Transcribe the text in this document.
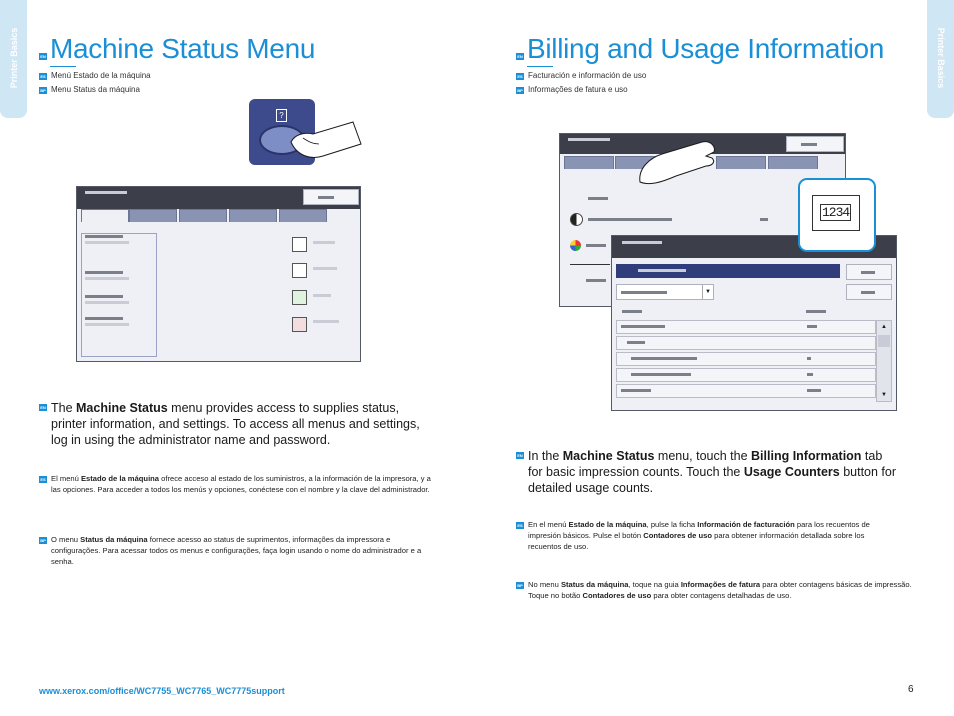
Printer Basics	Printer Basics
EN Machine Status Menu
ES Menú Estado de la máquina
BP Menu Status da máquina
?
EN The Machine Status menu provides access to supplies status, printer information, and settings. To access all menus and settings, log in using the administrator name and password.
ES El menú Estado de la máquina ofrece acceso al estado de los suministros, a la información de la impresora, y a las opciones. Para acceder a todos los menús y opciones, conéctese con el nombre y la clave del administrador.
BP O menu Status da máquina fornece acesso ao status de suprimentos, informações da impressora e configurações. Para acessar todos os menus e configurações, faça login usando o nome do administrador e a senha.
EN Billing and Usage Information
ES Facturación e información de uso
BP Informações de fatura e uso
▼
▲
▼
1234
EN In the Machine Status menu, touch the Billing Information tab for basic impression counts. Touch the Usage Counters button for detailed usage counts.
ES En el menú Estado de la máquina, pulse la ficha Información de facturación para los recuentos de impresión básicos. Pulse el botón Contadores de uso para obtener información detallada sobre los recuentos de uso.
BP No menu Status da máquina, toque na guia Informações de fatura para obter contagens básicas de impressão. Toque no botão Contadores de uso para obter contagens detalhadas de uso.
www.xerox.com/office/WC7755_WC7765_WC7775support	6
